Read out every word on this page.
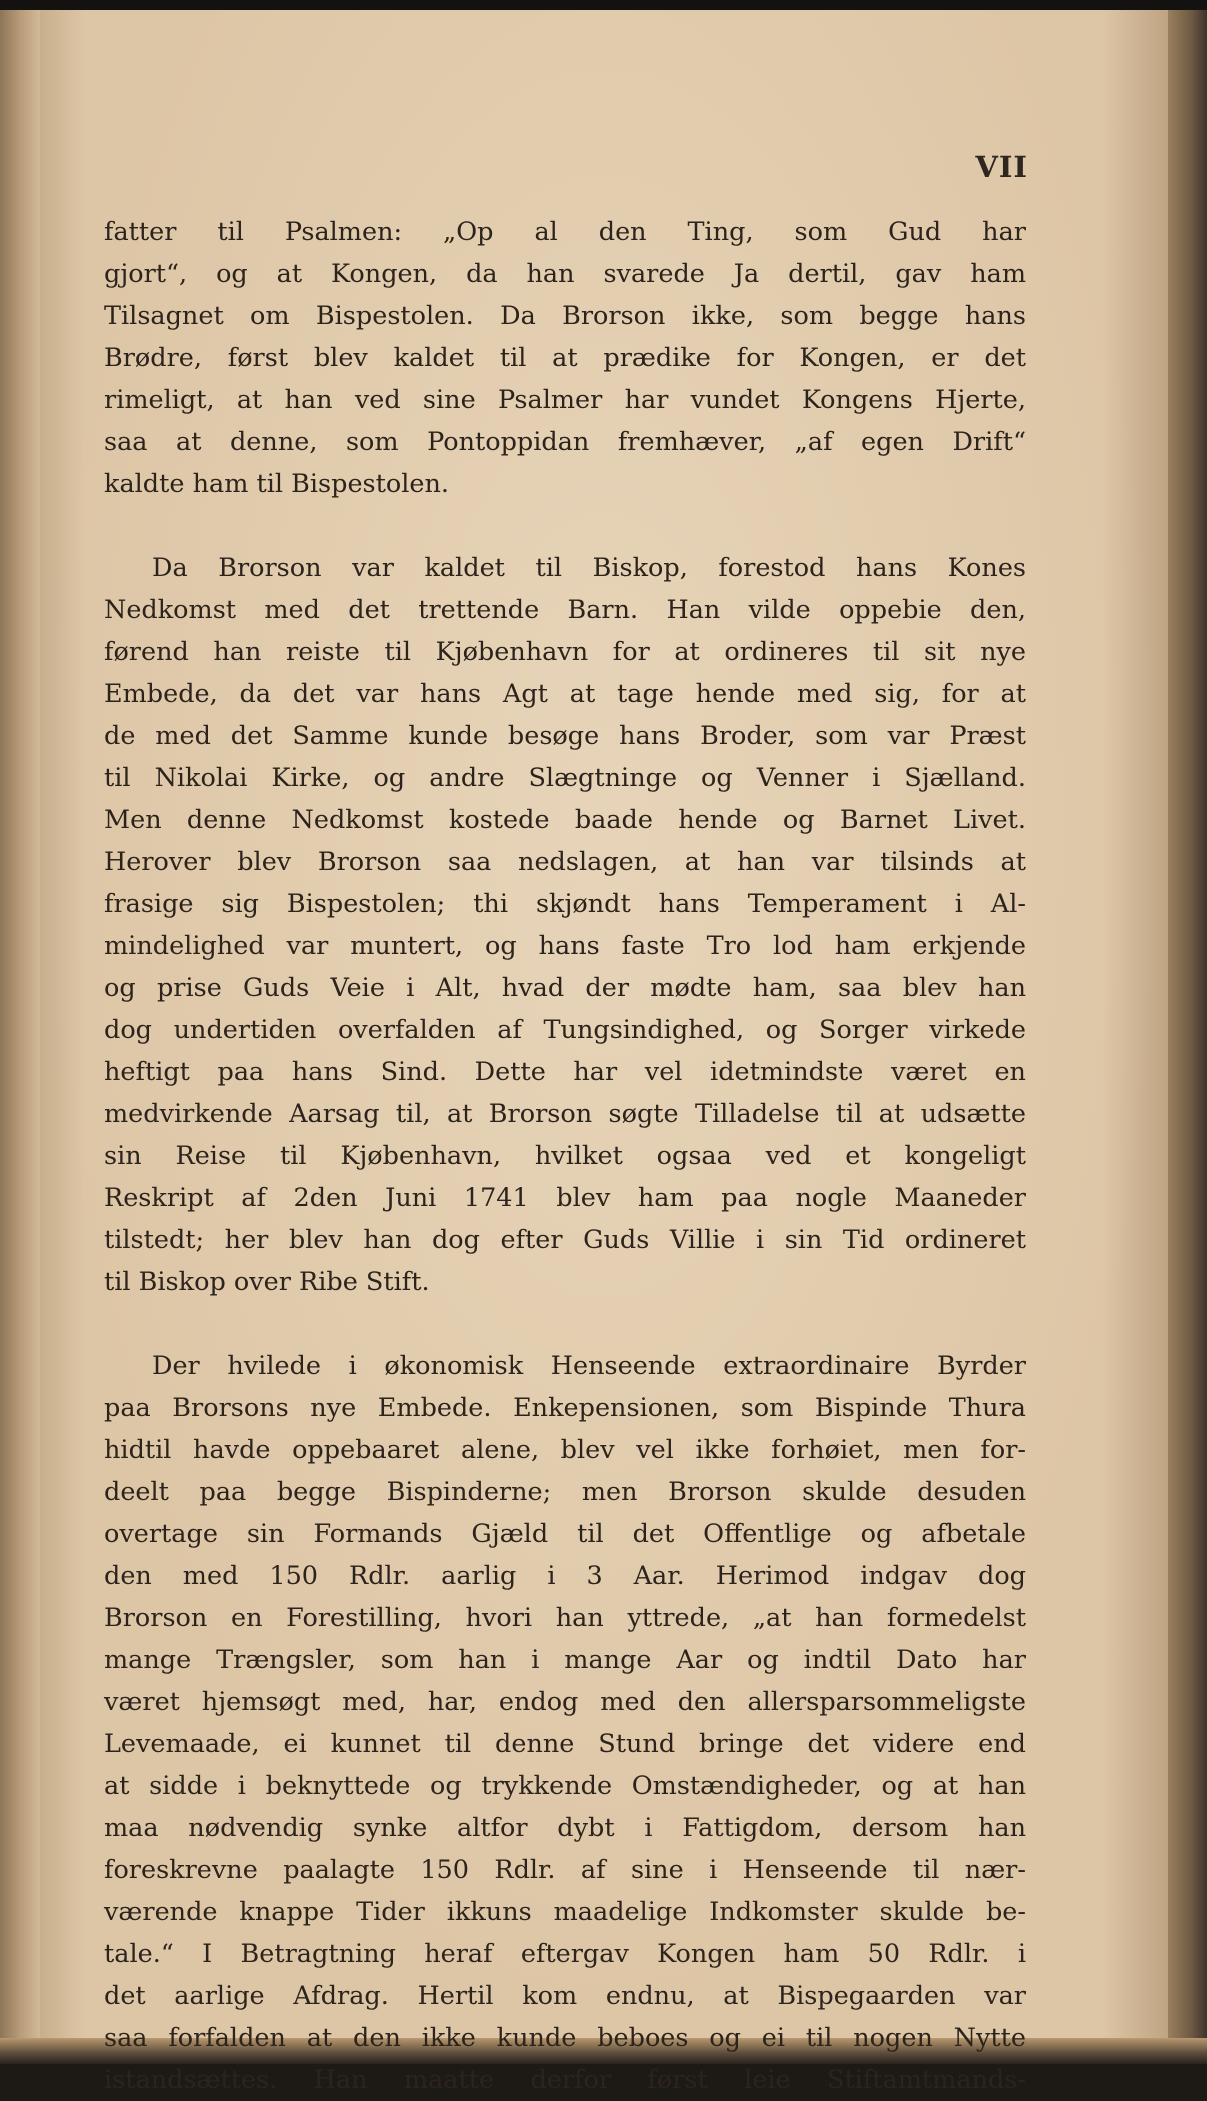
VII
fatter til Psalmen: „Op al den Ting, som Gud har
gjort“, og at Kongen, da han svarede Ja dertil, gav ham
Tilsagnet om Bispestolen. Da Brorson ikke, som begge hans
Brødre, først blev kaldet til at prædike for Kongen, er det
rimeligt, at han ved sine Psalmer har vundet Kongens Hjerte,
saa at denne, som Pontoppidan fremhæver, „af egen Drift“
kaldte ham til Bispestolen.
Da Brorson var kaldet til Biskop, forestod hans Kones
Nedkomst med det trettende Barn. Han vilde oppebie den,
førend han reiste til Kjøbenhavn for at ordineres til sit nye
Embede, da det var hans Agt at tage hende med sig, for at
de med det Samme kunde besøge hans Broder, som var Præst
til Nikolai Kirke, og andre Slægtninge og Venner i Sjælland.
Men denne Nedkomst kostede baade hende og Barnet Livet.
Herover blev Brorson saa nedslagen, at han var tilsinds at
frasige sig Bispestolen; thi skjøndt hans Temperament i Al-
mindelighed var muntert, og hans faste Tro lod ham erkjende
og prise Guds Veie i Alt, hvad der mødte ham, saa blev han
dog undertiden overfalden af Tungsindighed, og Sorger virkede
heftigt paa hans Sind. Dette har vel idetmindste været en
medvirkende Aarsag til, at Brorson søgte Tilladelse til at udsætte
sin Reise til Kjøbenhavn, hvilket ogsaa ved et kongeligt
Reskript af 2den Juni 1741 blev ham paa nogle Maaneder
tilstedt; her blev han dog efter Guds Villie i sin Tid ordineret
til Biskop over Ribe Stift.
Der hvilede i økonomisk Henseende extraordinaire Byrder
paa Brorsons nye Embede. Enkepensionen, som Bispinde Thura
hidtil havde oppebaaret alene, blev vel ikke forhøiet, men for-
deelt paa begge Bispinderne; men Brorson skulde desuden
overtage sin Formands Gjæld til det Offentlige og afbetale
den med 150 Rdlr. aarlig i 3 Aar. Herimod indgav dog
Brorson en Forestilling, hvori han yttrede, „at han formedelst
mange Trængsler, som han i mange Aar og indtil Dato har
været hjemsøgt med, har, endog med den allersparsommeligste
Levemaade, ei kunnet til denne Stund bringe det videre end
at sidde i beknyttede og trykkende Omstændigheder, og at han
maa nødvendig synke altfor dybt i Fattigdom, dersom han
foreskrevne paalagte 150 Rdlr. af sine i Henseende til nær-
værende knappe Tider ikkuns maadelige Indkomster skulde be-
tale.“ I Betragtning heraf eftergav Kongen ham 50 Rdlr. i
det aarlige Afdrag. Hertil kom endnu, at Bispegaarden var
saa forfalden at den ikke kunde beboes og ei til nogen Nytte
istandsættes. Han maatte derfor først leie Stiftamtmands-
